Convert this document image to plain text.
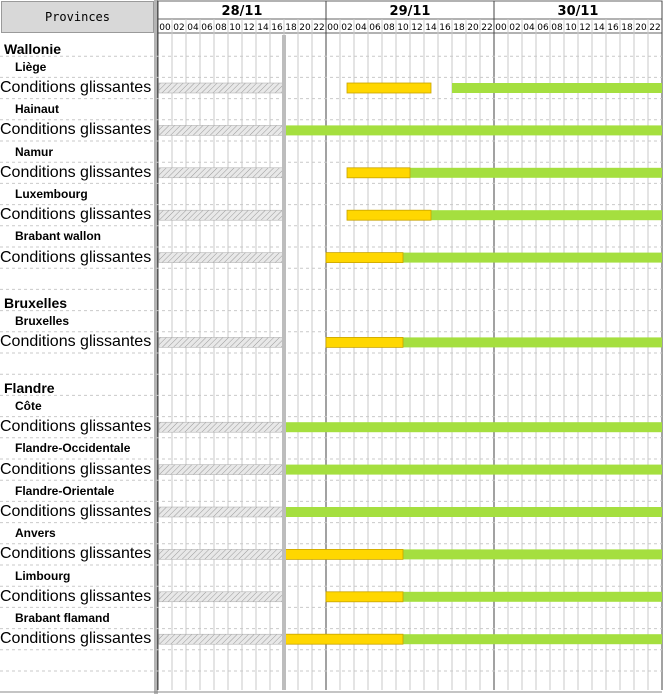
Provinces
Wallonie
Liège
Conditions glissantes
Hainaut
Conditions glissantes
Namur
Conditions glissantes
Luxembourg
Conditions glissantes
Brabant wallon
Conditions glissantes
Bruxelles
Bruxelles
Conditions glissantes
Flandre
Côte
Conditions glissantes
Flandre-Occidentale
Conditions glissantes
Flandre-Orientale
Conditions glissantes
Anvers
Conditions glissantes
Limbourg
Conditions glissantes
Brabant flamand
Conditions glissantes
28/11
00 02 04 06 08 10 12 14 16 18 20 22
29/11
00 02 04 06 08 10 12 14 16 18 20 22
30/11
00 02 04 06 08 10 12 14 16 18 20 22
